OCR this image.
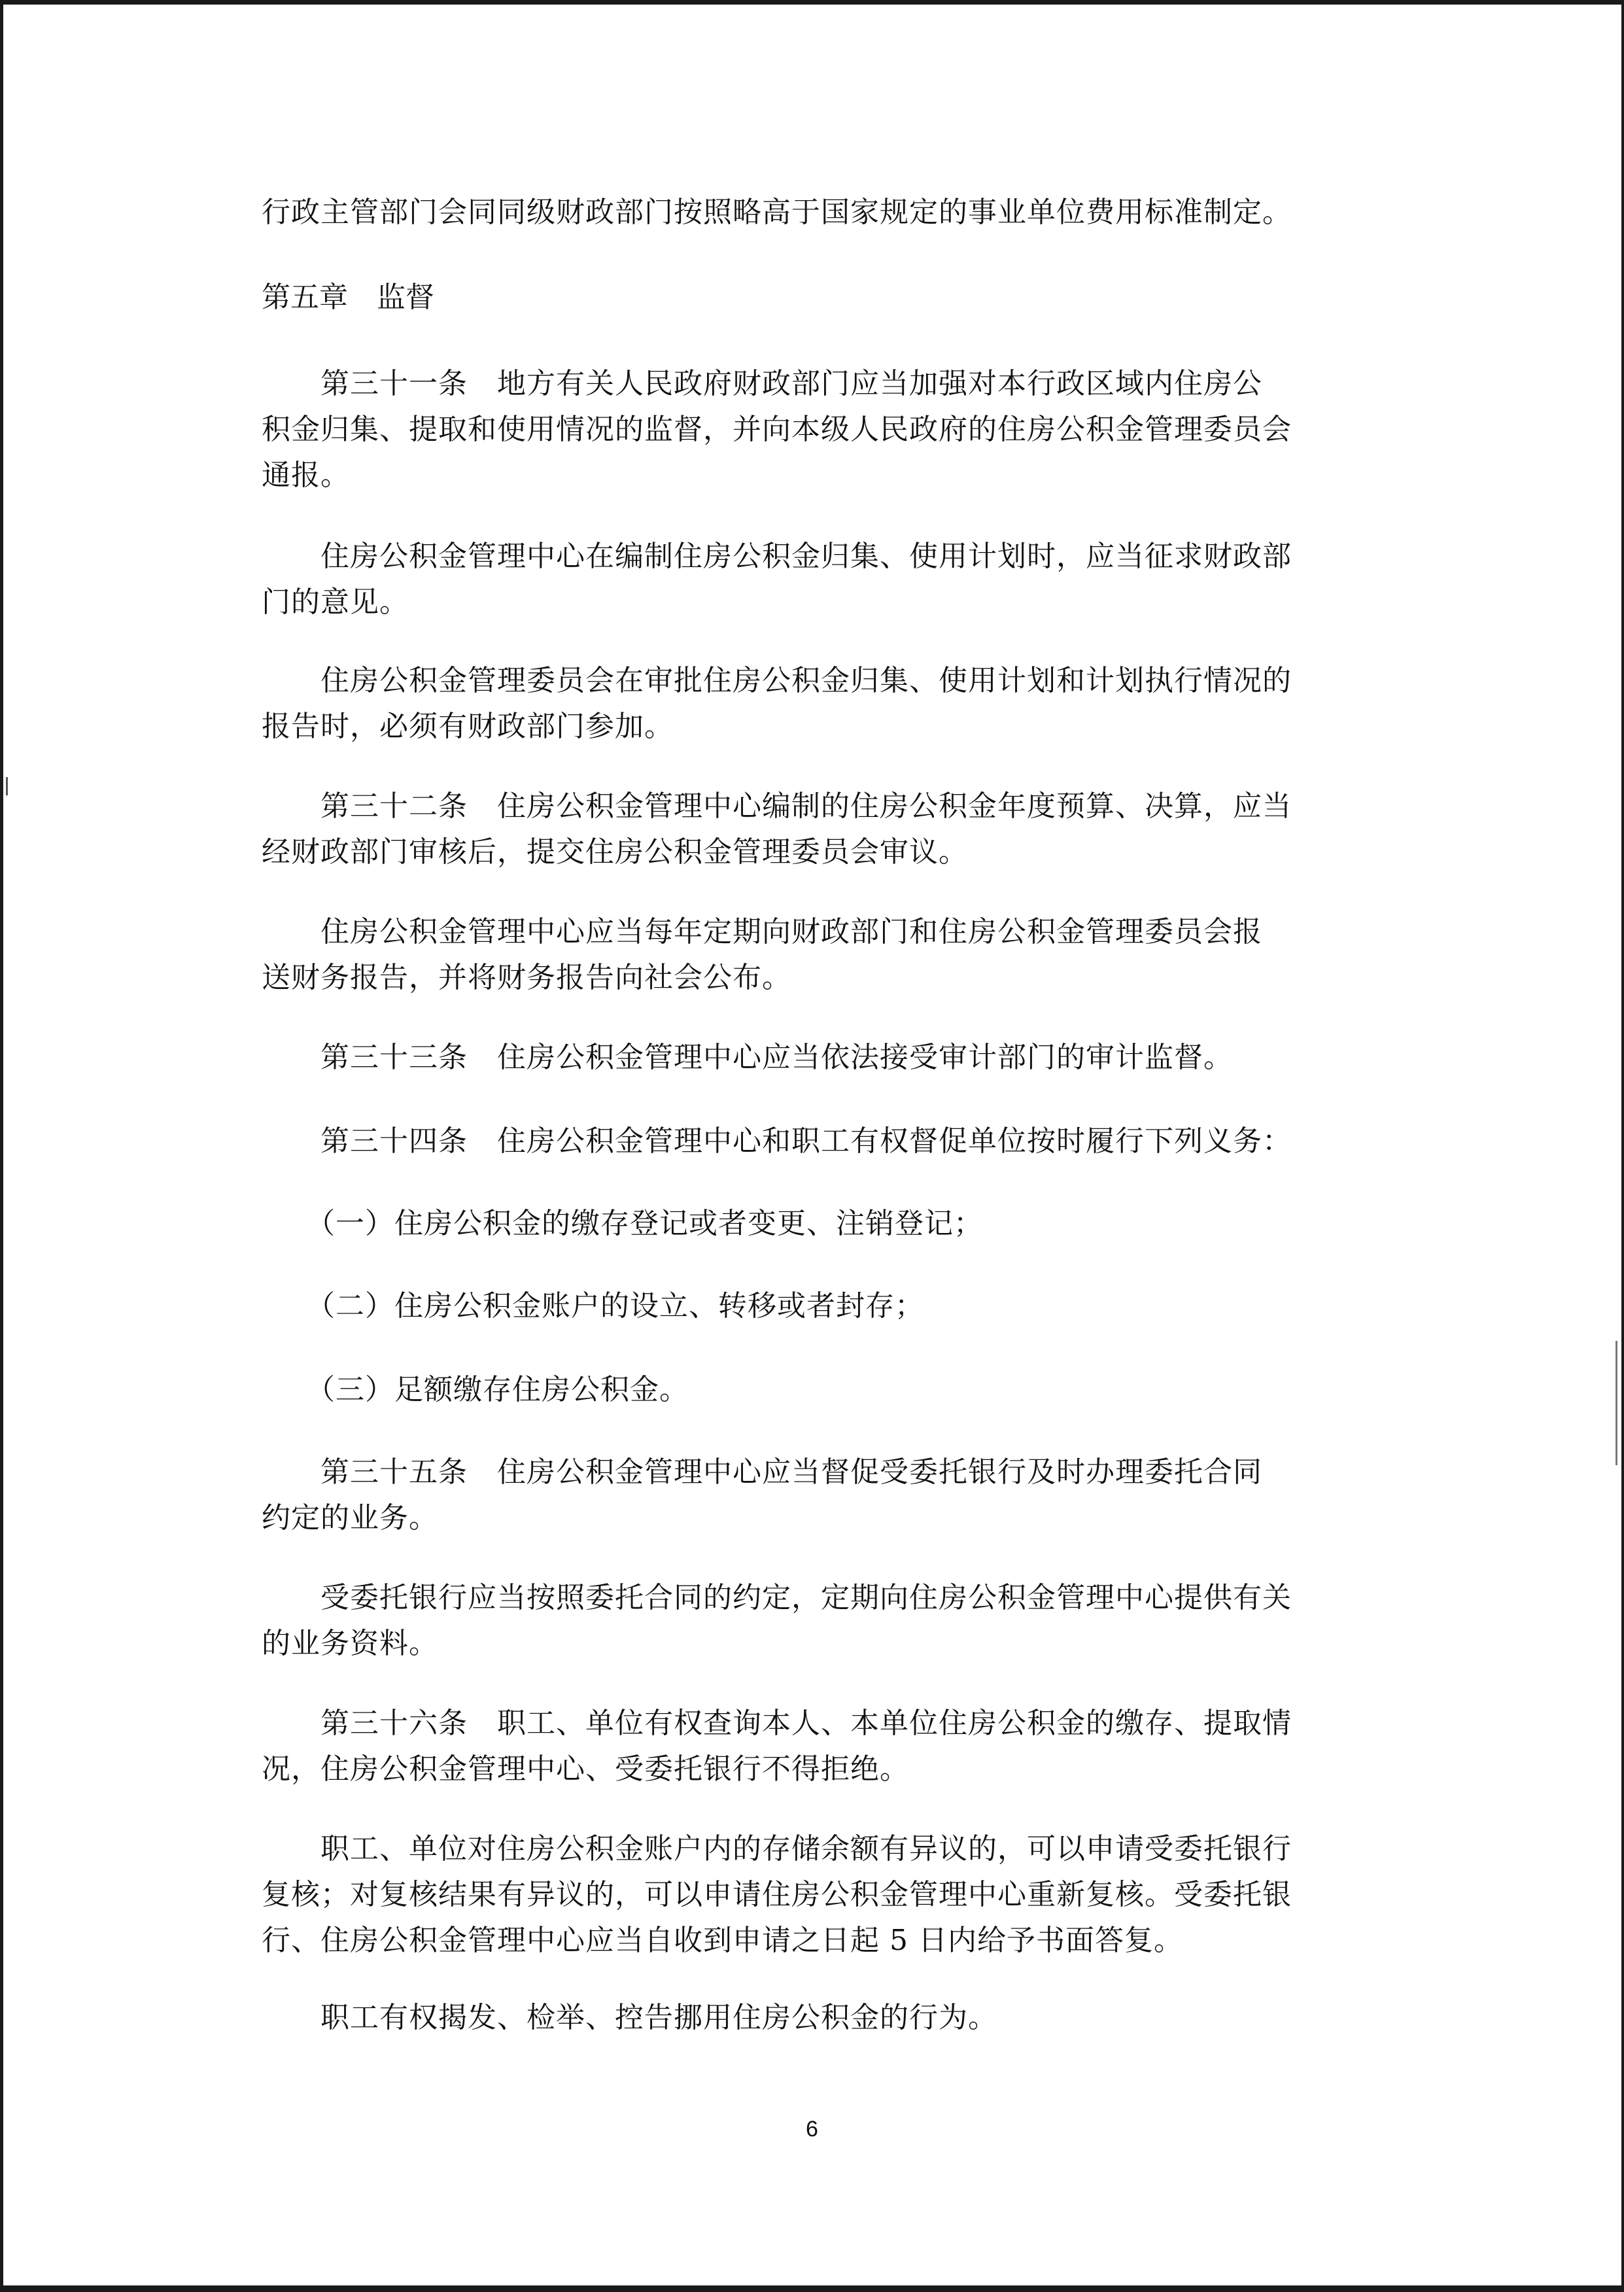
行政主管部门会同同级财政部门按照略高于国家规定的事业单位费用标准制定。

第五章　监督

　　第三十一条　地方有关人民政府财政部门应当加强对本行政区域内住房公

积金归集、提取和使用情况的监督，并向本级人民政府的住房公积金管理委员会

通报。

　　住房公积金管理中心在编制住房公积金归集、使用计划时，应当征求财政部

门的意见。

　　住房公积金管理委员会在审批住房公积金归集、使用计划和计划执行情况的

报告时，必须有财政部门参加。

　　第三十二条　住房公积金管理中心编制的住房公积金年度预算、决算，应当

经财政部门审核后，提交住房公积金管理委员会审议。

　　住房公积金管理中心应当每年定期向财政部门和住房公积金管理委员会报

送财务报告，并将财务报告向社会公布。

　　第三十三条　住房公积金管理中心应当依法接受审计部门的审计监督。

　　第三十四条　住房公积金管理中心和职工有权督促单位按时履行下列义务：

　　（一）住房公积金的缴存登记或者变更、注销登记；

　　（二）住房公积金账户的设立、转移或者封存；

　　（三）足额缴存住房公积金。

　　第三十五条　住房公积金管理中心应当督促受委托银行及时办理委托合同

约定的业务。

　　受委托银行应当按照委托合同的约定，定期向住房公积金管理中心提供有关

的业务资料。

　　第三十六条　职工、单位有权查询本人、本单位住房公积金的缴存、提取情

况，住房公积金管理中心、受委托银行不得拒绝。

　　职工、单位对住房公积金账户内的存储余额有异议的，可以申请受委托银行

复核；对复核结果有异议的，可以申请住房公积金管理中心重新复核。受委托银

行、住房公积金管理中心应当自收到申请之日起 5 日内给予书面答复。

　　职工有权揭发、检举、控告挪用住房公积金的行为。

6
